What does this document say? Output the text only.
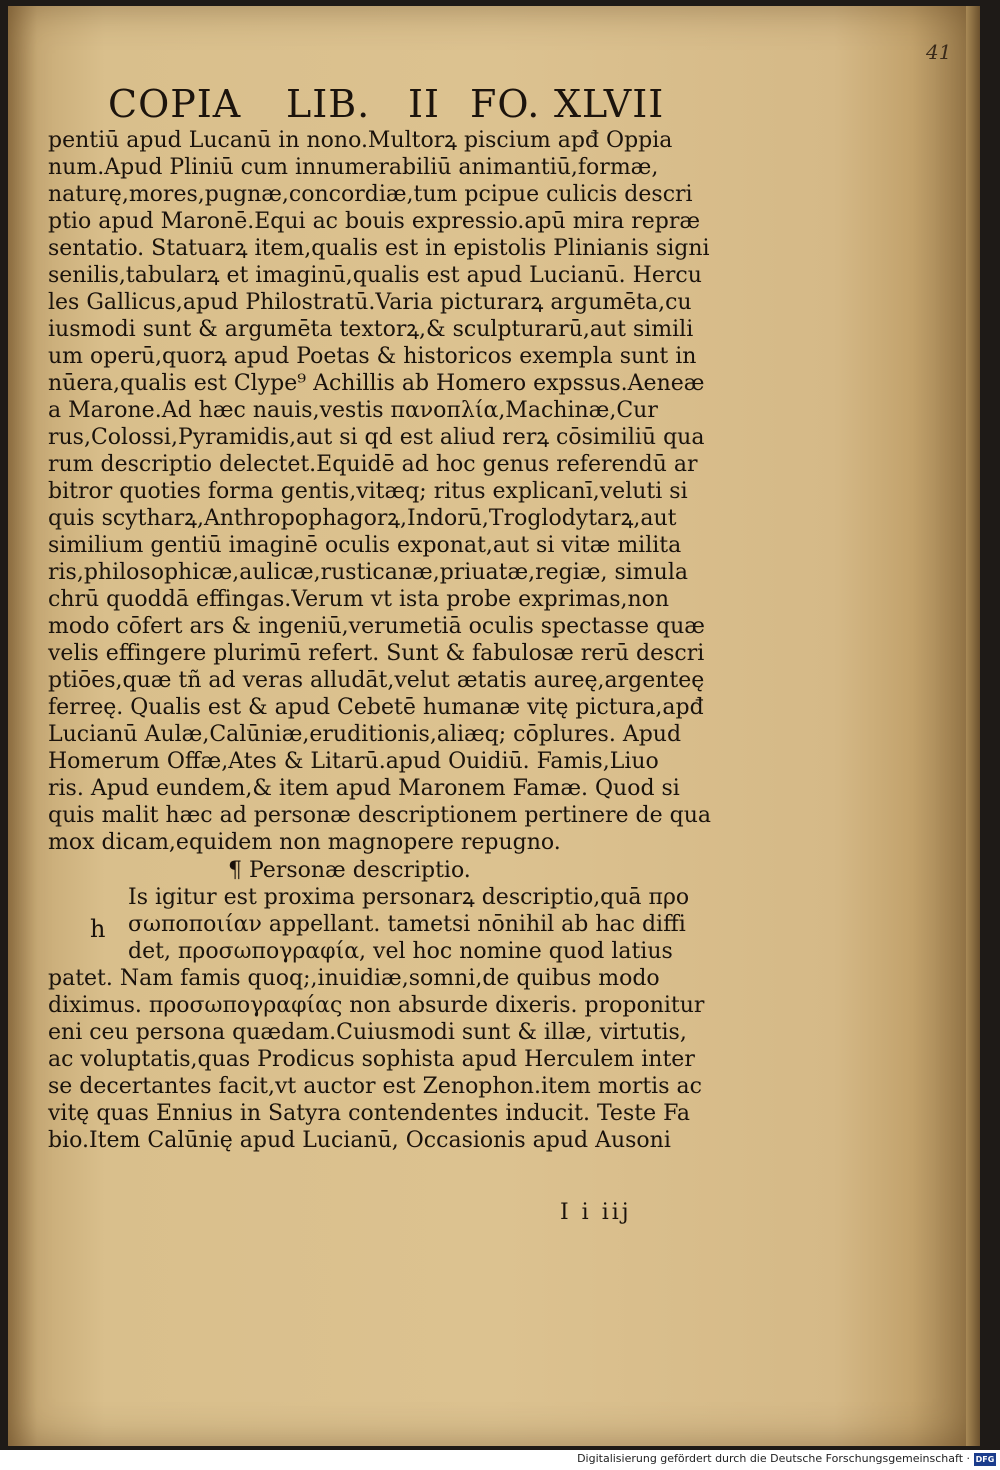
41

COPIA LIB. II FO. XLVII

pentiū apud Lucanū in nono.Multorꝝ piscium apđ Oppia

num.Apud Pliniū cum innumerabiliū animantiū,formæ,

naturę,mores,pugnæ,concordiæ,tum pcipue culicis descri

ptio apud Maronē.Equi ac bouis expressio.apū mira repræ

sentatio. Statuarꝝ item,qualis est in epistolis Plinianis signi

senilis,tabularꝝ et imaginū,qualis est apud Lucianū. Hercu

les Gallicus,apud Philostratū.Varia picturarꝝ argumēta,cu

iusmodi sunt & argumēta textorꝝ,& sculpturarū,aut simili

um operū,quorꝝ apud Poetas & historicos exempla sunt in

nūera,qualis est Clype⁹ Achillis ab Homero expssus.Aeneæ

a Marone.Ad hæc nauis,vestis πανοπλία,Machinæ,Cur

rus,Colossi,Pyramidis,aut si qd est aliud rerꝝ cōsimiliū qua

rum descriptio delectet.Equidē ad hoc genus referendū ar

bitror quoties forma gentis,vitæq; ritus explicanī,veluti si

quis scytharꝝ,Anthropophagorꝝ,Indorū,Troglodytarꝝ,aut

similium gentiū imaginē oculis exponat,aut si vitæ milita

ris,philosophicæ,aulicæ,rusticanæ,priuatæ,regiæ, simula

chrū quoddā effingas.Verum vt ista probe exprimas,non

modo cōfert ars & ingeniū,verumetiā oculis spectasse quæ

velis effingere plurimū refert. Sunt & fabulosæ rerū descri

ptiōes,quæ tñ ad veras alludāt,velut ætatis aureę,argenteę

ferreę. Qualis est & apud Cebetē humanæ vitę pictura,apđ

Lucianū Aulæ,Calūniæ,eruditionis,aliæq; cōplures. Apud

Homerum Offæ,Ates & Litarū.apud Ouidiū. Famis,Liuo

ris. Apud eundem,& item apud Maronem Famæ. Quod si

quis malit hæc ad personæ descriptionem pertinere de qua

mox dicam,equidem non magnopere repugno.

¶ Personæ descriptio.

Is igitur est proxima personarꝝ descriptio,quā προ

σωποποιίαν appellant. tametsi nōnihil ab hac diffi

det, προσωπογραφία, vel hoc nomine quod latius

patet. Nam famis quoq;,inuidiæ,somni,de quibus modo

diximus. προσωπογραφίας non absurde dixeris. proponitur

eni ceu persona quædam.Cuiusmodi sunt & illæ, virtutis,

ac voluptatis,quas Prodicus sophista apud Herculem inter

se decertantes facit,vt auctor est Zenophon.item mortis ac

vitę quas Ennius in Satyra contendentes inducit. Teste Fa

bio.Item Calūnię apud Lucianū, Occasionis apud Ausoni

h

I i iij

Digitalisierung gefördert durch die Deutsche Forschungsgemeinschaft · DFG
